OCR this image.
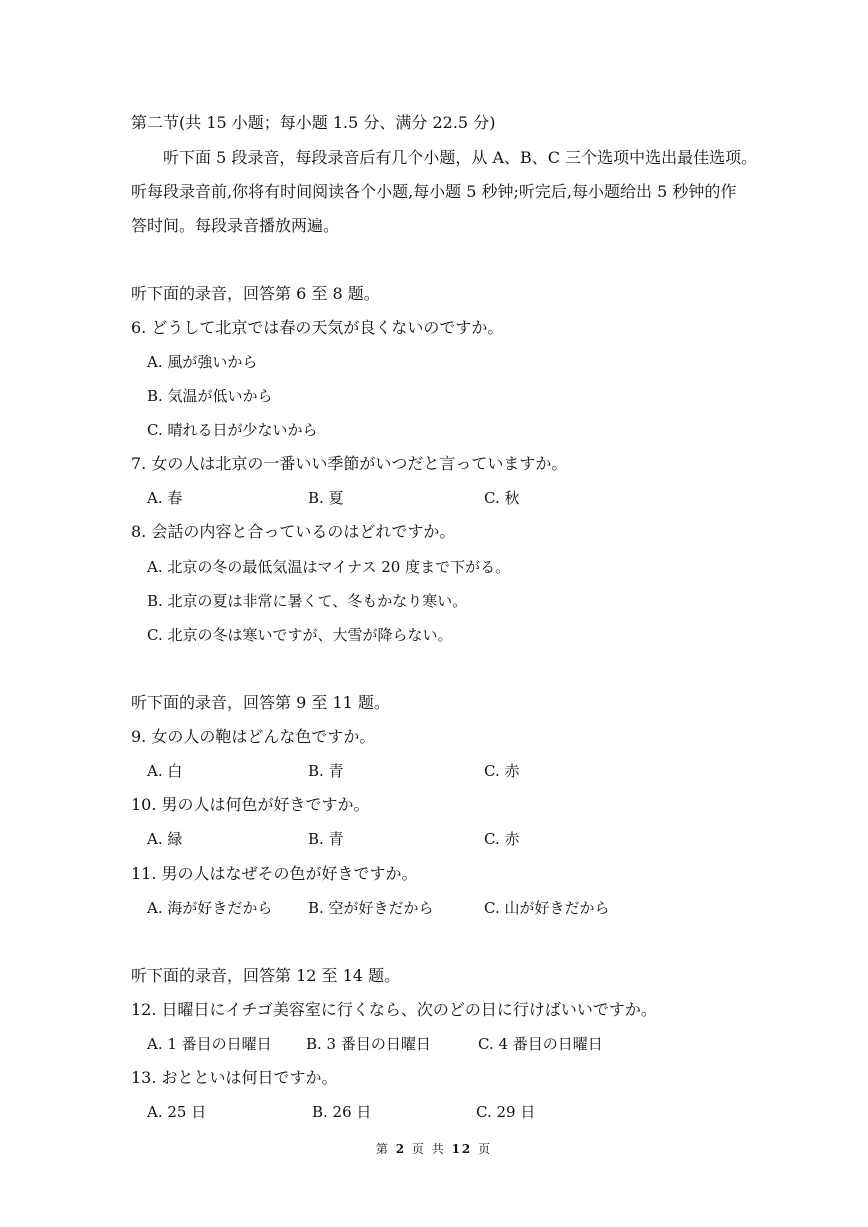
第二节(共 15 小题；每小题 1.5 分、满分 22.5 分)
听下面 5 段录音，每段录音后有几个小题，从 A、B、C 三个选项中选出最佳选项。
听每段录音前,你将有时间阅读各个小题,每小题 5 秒钟;听完后,每小题给出 5 秒钟的作
答时间。每段录音播放两遍。
听下面的录音，回答第 6 至 8 题。
6. どうして北京では春の天気が良くないのですか。
A. 風が強いから
B. 気温が低いから
C. 晴れる日が少ないから
7. 女の人は北京の一番いい季節がいつだと言っていますか。
A. 春	B. 夏	C. 秋
8. 会話の内容と合っているのはどれですか。
A. 北京の冬の最低気温はマイナス 20 度まで下がる。
B. 北京の夏は非常に暑くて、冬もかなり寒い。
C. 北京の冬は寒いですが、大雪が降らない。
听下面的录音，回答第 9 至 11 题。
9. 女の人の鞄はどんな色ですか。
A. 白	B. 青	C. 赤
10. 男の人は何色が好きですか。
A. 緑	B. 青	C. 赤
11. 男の人はなぜその色が好きですか。
A. 海が好きだから B. 空が好きだから	C. 山が好きだから
听下面的录音，回答第 12 至 14 题。
12. 日曜日にイチゴ美容室に行くなら、次のどの日に行けばいいですか。
A. 1 番目の日曜日 B. 3 番目の日曜日	C. 4 番目の日曜日
13. おとといは何日ですか。
A. 25 日	B. 26 日	C. 29 日
第 2 页 共 12 页
